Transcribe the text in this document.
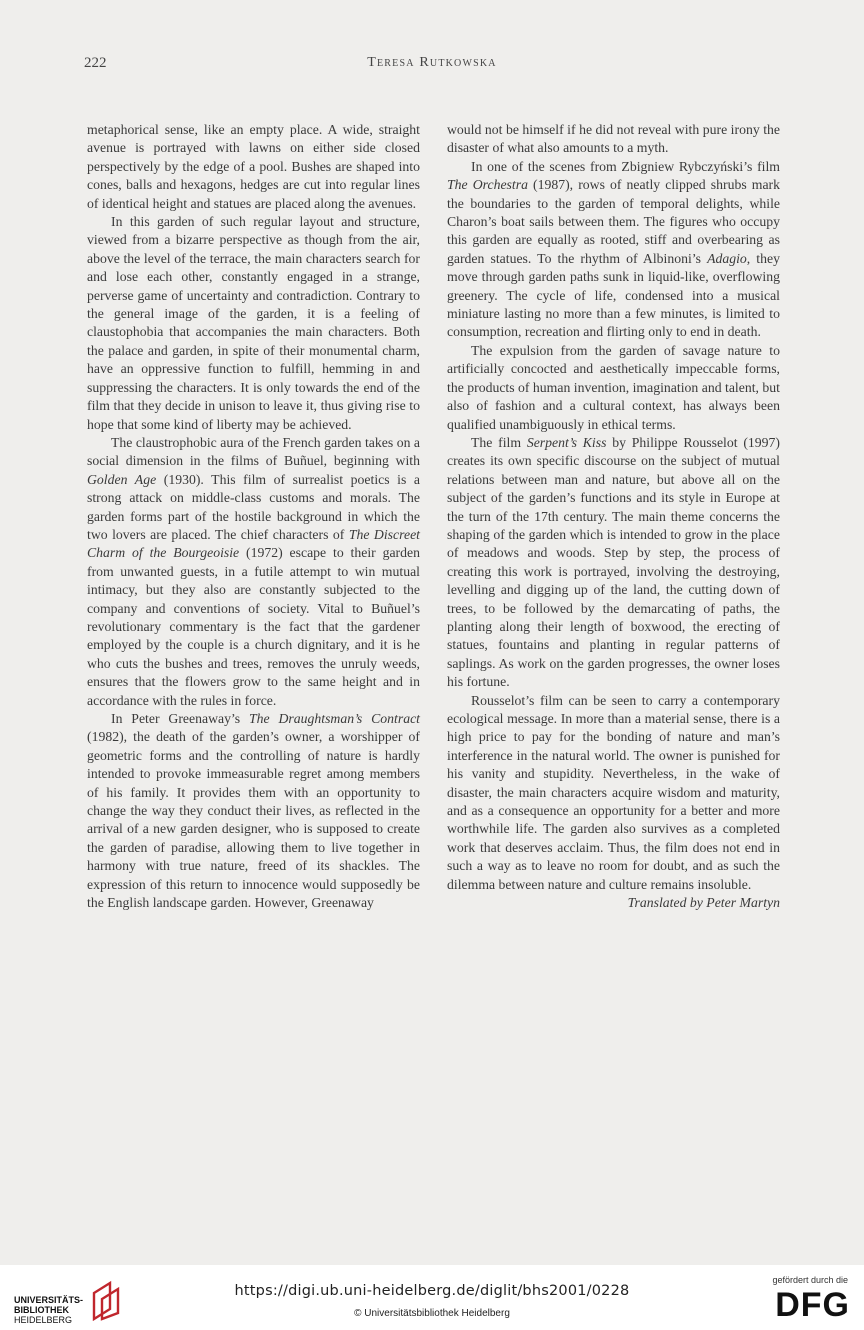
222	Teresa Rutkowska

metaphorical sense, like an empty place. A wide, straight avenue is portrayed with lawns on either side closed perspectively by the edge of a pool. Bushes are shaped into cones, balls and hexagons, hedges are cut into regular lines of identical height and statues are placed along the avenues.

In this garden of such regular layout and structure, viewed from a bizarre perspective as though from the air, above the level of the terrace, the main characters search for and lose each other, constantly engaged in a strange, perverse game of uncertainty and contradiction. Contrary to the general image of the garden, it is a feeling of claustophobia that accompanies the main characters. Both the palace and garden, in spite of their monumental charm, have an oppressive function to fulfill, hemming in and suppressing the characters. It is only towards the end of the film that they decide in unison to leave it, thus giving rise to hope that some kind of liberty may be achieved.

The claustrophobic aura of the French garden takes on a social dimension in the films of Buñuel, beginning with Golden Age (1930). This film of surrealist poetics is a strong attack on middle-class customs and morals. The garden forms part of the hostile background in which the two lovers are placed. The chief characters of The Discreet Charm of the Bourgeoisie (1972) escape to their garden from unwanted guests, in a futile attempt to win mutual intimacy, but they also are constantly subjected to the company and conventions of society. Vital to Buñuel’s revolutionary commentary is the fact that the gardener employed by the couple is a church dignitary, and it is he who cuts the bushes and trees, removes the unruly weeds, ensures that the flowers grow to the same height and in accordance with the rules in force.

In Peter Greenaway’s The Draughtsman’s Contract (1982), the death of the garden’s owner, a worshipper of geometric forms and the controlling of nature is hardly intended to provoke immeasurable regret among members of his family. It provides them with an opportunity to change the way they conduct their lives, as reflected in the arrival of a new garden designer, who is supposed to create the garden of paradise, allowing them to live together in harmony with true nature, freed of its shackles. The expression of this return to innocence would supposedly be the English landscape garden. However, Greenaway

would not be himself if he did not reveal with pure irony the disaster of what also amounts to a myth.

In one of the scenes from Zbigniew Rybczyński’s film The Orchestra (1987), rows of neatly clipped shrubs mark the boundaries to the garden of temporal delights, while Charon’s boat sails between them. The figures who occupy this garden are equally as rooted, stiff and overbearing as garden statues. To the rhythm of Albinoni’s Adagio, they move through garden paths sunk in liquid-like, overflowing greenery. The cycle of life, condensed into a musical miniature lasting no more than a few minutes, is limited to consumption, recreation and flirting only to end in death.

The expulsion from the garden of savage nature to artificially concocted and aesthetically impeccable forms, the products of human invention, imagination and talent, but also of fashion and a cultural context, has always been qualified unambiguously in ethical terms.

The film Serpent’s Kiss by Philippe Rousselot (1997) creates its own specific discourse on the subject of mutual relations between man and nature, but above all on the subject of the garden’s functions and its style in Europe at the turn of the 17th century. The main theme concerns the shaping of the garden which is intended to grow in the place of meadows and woods. Step by step, the process of creating this work is portrayed, involving the destroying, levelling and digging up of the land, the cutting down of trees, to be followed by the demarcating of paths, the planting along their length of boxwood, the erecting of statues, fountains and planting in regular patterns of saplings. As work on the garden progresses, the owner loses his fortune.

Rousselot’s film can be seen to carry a contemporary ecological message. In more than a material sense, there is a high price to pay for the bonding of nature and man’s interference in the natural world. The owner is punished for his vanity and stupidity. Nevertheless, in the wake of disaster, the main characters acquire wisdom and maturity, and as a consequence an opportunity for a better and more worthwhile life. The garden also survives as a completed work that deserves acclaim. Thus, the film does not end in such a way as to leave no room for doubt, and as such the dilemma between nature and culture remains insoluble.

Translated by Peter Martyn

UNIVERSITÄTS-
BIBLIOTHEK
HEIDELBERG
https://digi.ub.uni-heidelberg.de/diglit/bhs2001/0228
© Universitätsbibliothek Heidelberg
gefördert durch die
DFG
